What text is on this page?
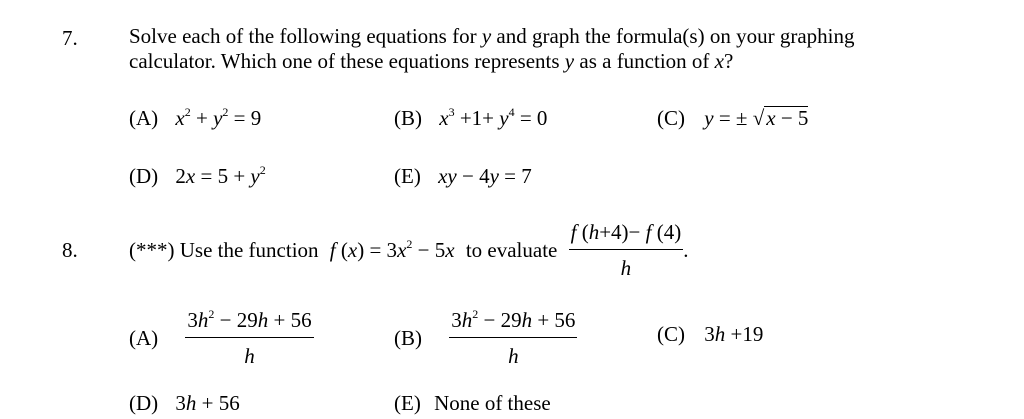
7. Solve each of the following equations for y and graph the formula(s) on your graphing
calculator. Which one of these equations represents y as a function of x?
(A) $x^2 + y^2 = 9$	(B) $x^3 +1+ y^4 = 0$	(C) y = ± √x − 5
(D) $2x = 5 + y^2$	(E) xy − 4y = 7
8. (***) Use the function f $(x) = 3x^2 - 5x$ to evaluate $\frac{f (h+4)- f (4)}{h}$ .
$(A) \frac{3h^2 - 29h + 56}{h}$	$(B) \frac{3h^2 - 29h + 56}{h}$	(C) 3h +19
(D) 3h + 56	(E) None of these
